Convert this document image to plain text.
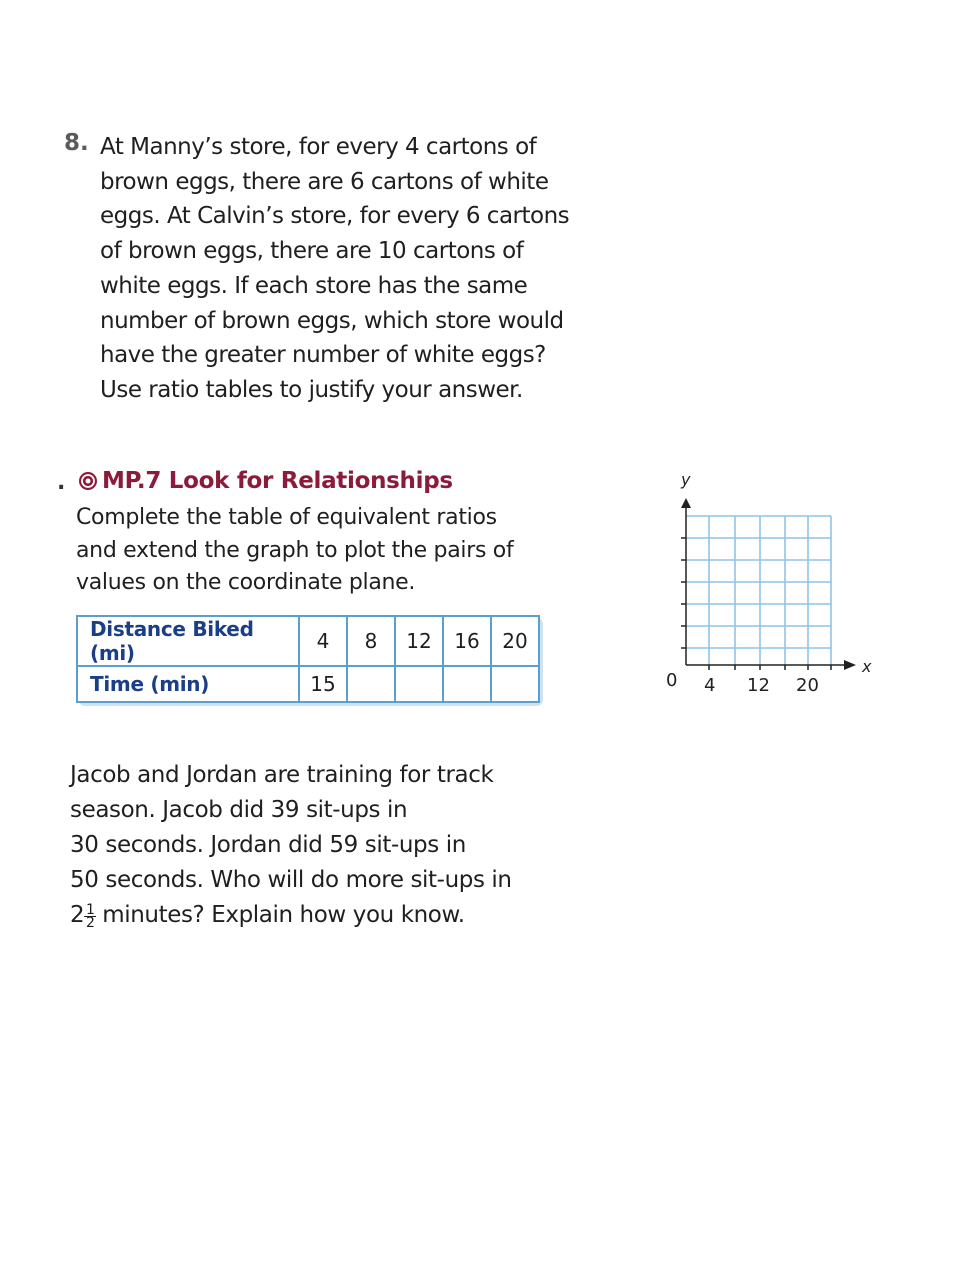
8. At Manny’s store, for every 4 cartons of
brown eggs, there are 6 cartons of white
eggs. At Calvin’s store, for every 6 cartons
of brown eggs, there are 10 cartons of
white eggs. If each store has the same
number of brown eggs, which store would
have the greater number of white eggs?
Use ratio tables to justify your answer.
. MP.7 Look for Relationships
Complete the table of equivalent ratios
and extend the graph to plot the pairs of
values on the coordinate plane.
Distance Biked (mi)	4	8	12	16	20
Time (min)	15				
y
x
0 4 12 20
Jacob and Jordan are training for track
season. Jacob did 39 sit-ups in
30 seconds. Jordan did 59 sit-ups in
50 seconds. Who will do more sit-ups in
$2 \frac{1}{2}$ minutes? Explain how you know.
